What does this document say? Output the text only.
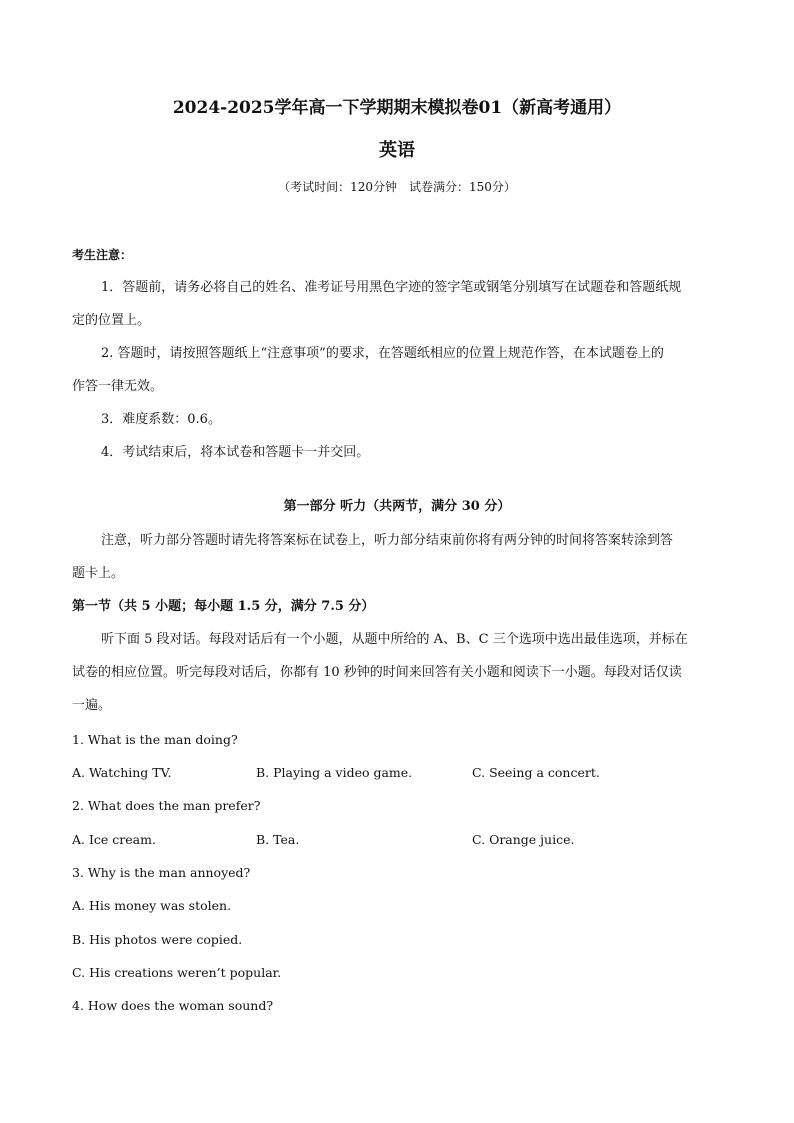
2024-2025学年高一下学期期末模拟卷01（新高考通用）
英语
（考试时间：120分钟　试卷满分：150分）
考生注意：
1．答题前，请务必将自己的姓名、准考证号用黑色字迹的签字笔或钢笔分别填写在试题卷和答题纸规
定的位置上。
2. 答题时，请按照答题纸上“注意事项”的要求，在答题纸相应的位置上规范作答，在本试题卷上的
作答一律无效。
3．难度系数：0.6。
4．考试结束后，将本试卷和答题卡一并交回。
第一部分 听力（共两节，满分 30 分）
注意，听力部分答题时请先将答案标在试卷上，听力部分结束前你将有两分钟的时间将答案转涂到答
题卡上。
第一节（共 5 小题；每小题 1.5 分，满分 7.5 分）
听下面 5 段对话。每段对话后有一个小题，从题中所给的 A、B、C 三个选项中选出最佳选项，并标在
试卷的相应位置。听完每段对话后，你都有 10 秒钟的时间来回答有关小题和阅读下一小题。每段对话仅读
一遍。
1. What is the man doing?
A. Watching TV.	B. Playing a video game.	C. Seeing a concert.
2. What does the man prefer?
A. Ice cream.	B. Tea.	C. Orange juice.
3. Why is the man annoyed?
A. His money was stolen.
B. His photos were copied.
C. His creations weren’t popular.
4. How does the woman sound?
